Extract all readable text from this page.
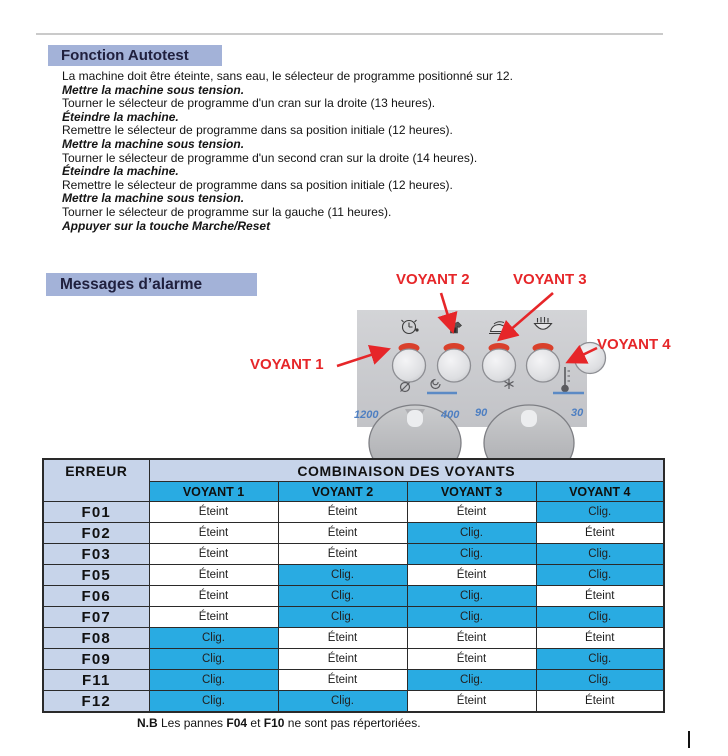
Fonction Autotest
La machine doit être éteinte, sans eau, le sélecteur de programme positionné sur 12.
Mettre la machine sous tension.
Tourner le sélecteur de programme d'un cran sur la droite (13 heures).
Éteindre la machine.
Remettre le sélecteur de programme dans sa position initiale (12 heures).
Mettre la machine sous tension.
Tourner le sélecteur de programme d'un second cran sur la droite (14 heures).
Éteindre la machine.
Remettre le sélecteur de programme dans sa position initiale (12 heures).
Mettre la machine sous tension.
Tourner le sélecteur de programme sur la gauche (11 heures).
Appuyer sur la touche Marche/Reset
Messages d’alarme
1200	400 90	30
VOYANT 1
VOYANT 2	VOYANT 3
VOYANT 4
ERREUR	COMBINAISON DES VOYANTS			
	VOYANT 1	VOYANT 2	VOYANT 3	VOYANT 4
F01	Éteint	Éteint	Éteint	Clig.
F02	Éteint	Éteint	Clig.	Éteint
F03	Éteint	Éteint	Clig.	Clig.
F05	Éteint	Clig.	Éteint	Clig.
F06	Éteint	Clig.	Clig.	Éteint
F07	Éteint	Clig.	Clig.	Clig.
F08	Clig.	Éteint	Éteint	Éteint
F09	Clig.	Éteint	Éteint	Clig.
F11	Clig.	Éteint	Clig.	Clig.
F12	Clig.	Clig.	Éteint	Éteint
N.B Les pannes F04 et F10 ne sont pas répertoriées.
